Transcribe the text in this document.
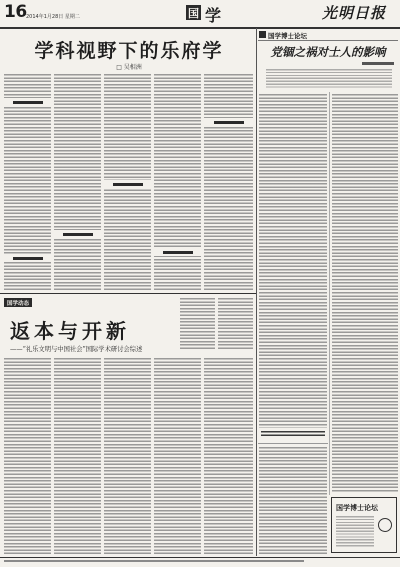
16 2014年1月28日 星期二	国 学	光明日报
学科视野下的乐府学
□ 吴相洲
国学博士论坛
党锢之祸对士人的影响
国学动态
返本与开新
——“礼乐文明与中国社会”国际学术研讨会综述
国学博士论坛
